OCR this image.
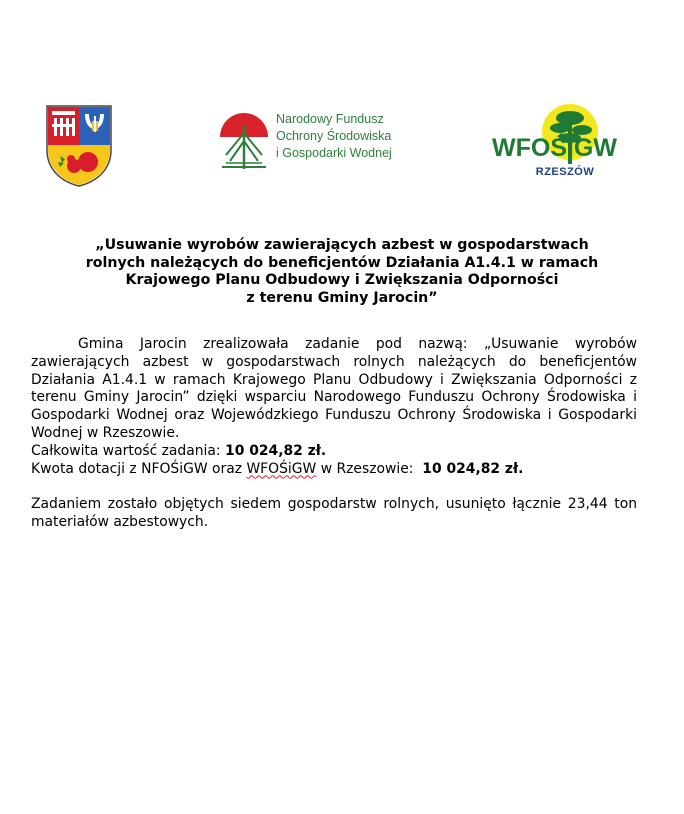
Narodowy Fundusz
Ochrony Środowiska
i Gospodarki Wodnej	WFOŚiGW
RZESZÓW
„Usuwanie wyrobów zawierających azbest w gospodarstwach
rolnych należących do beneficjentów Działania A1.4.1 w ramach
Krajowego Planu Odbudowy i Zwiększania Odporności
z terenu Gminy Jarocin”

Gmina Jarocin zrealizowała zadanie pod nazwą: „Usuwanie wyrobów zawierających azbest w gospodarstwach rolnych należących do beneficjentów Działania A1.4.1 w ramach Krajowego Planu Odbudowy i Zwiększania Odporności z terenu Gminy Jarocin” dzięki wsparciu Narodowego Funduszu Ochrony Środowiska i Gospodarki Wodnej oraz Wojewódzkiego Funduszu Ochrony Środowiska i Gospodarki Wodnej w Rzeszowie.

Całkowita wartość zadania: 10 024,82 zł.

Kwota dotacji z NFOŚiGW oraz WFOŚiGW w Rzeszowie: 10 024,82 zł.

Zadaniem zostało objętych siedem gospodarstw rolnych, usunięto łącznie 23,44 ton materiałów azbestowych.
